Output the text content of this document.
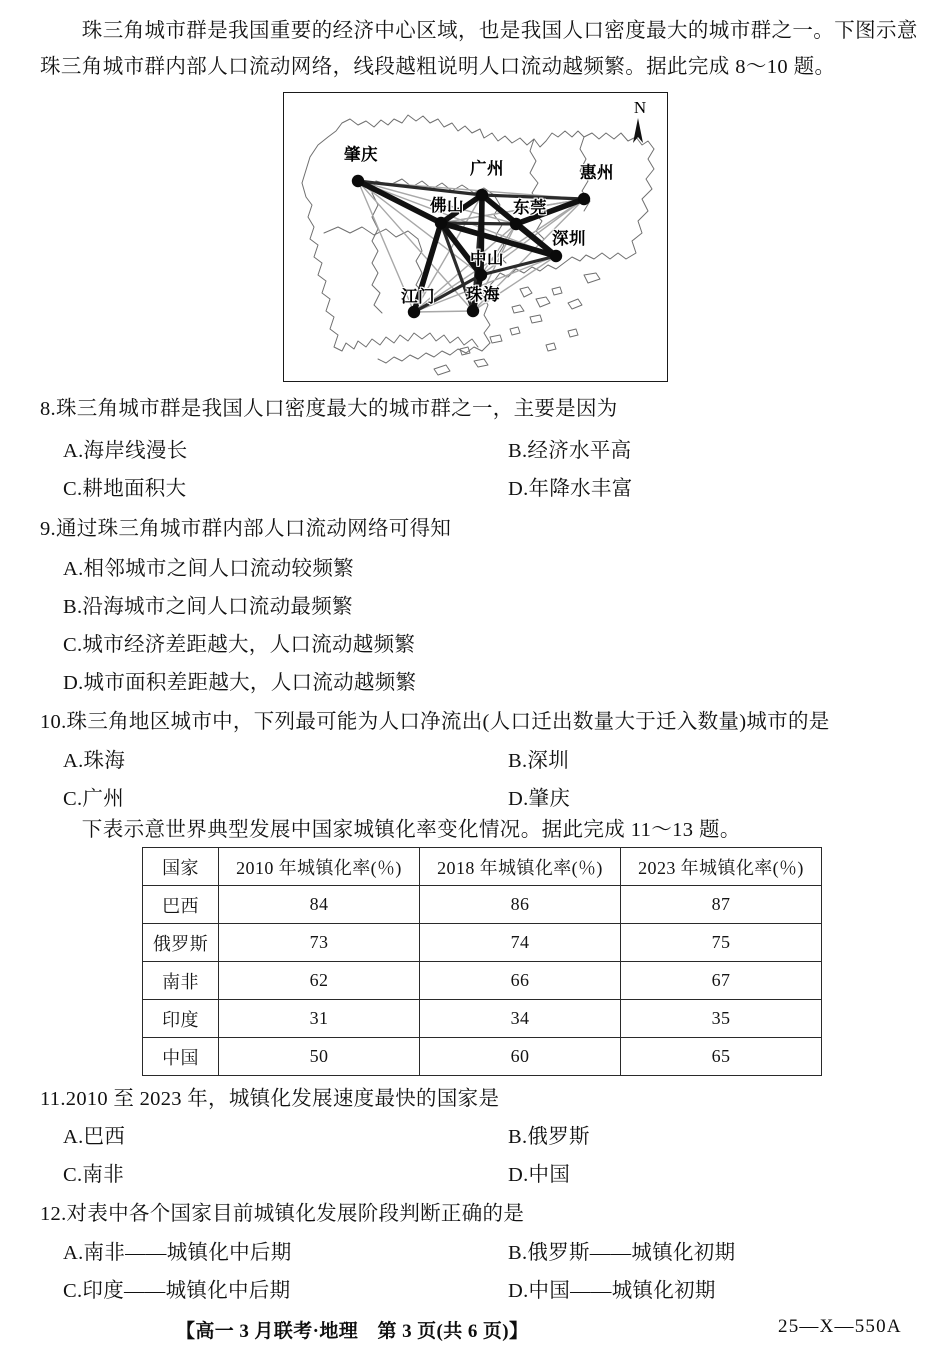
　　珠三角城市群是我国重要的经济中心区域，也是我国人口密度最大的城市群之一。下图示意
珠三角城市群内部人口流动网络，线段越粗说明人口流动越频繁。据此完成 8～10 题。
肇庆
广州	惠州
佛山	东莞
深圳
中山
江门 珠海
N
8.珠三角城市群是我国人口密度最大的城市群之一，主要是因为
A.海岸线漫长	B.经济水平高
C.耕地面积大	D.年降水丰富
9.通过珠三角城市群内部人口流动网络可得知
A.相邻城市之间人口流动较频繁
B.沿海城市之间人口流动最频繁
C.城市经济差距越大，人口流动越频繁
D.城市面积差距越大，人口流动越频繁
10.珠三角地区城市中，下列最可能为人口净流出(人口迁出数量大于迁入数量)城市的是
A.珠海	B.深圳
C.广州	D.肇庆
　　下表示意世界典型发展中国家城镇化率变化情况。据此完成 11～13 题。
国家	2010 年城镇化率(％)	2018 年城镇化率(％)	2023 年城镇化率(％)
巴西	84	86	87
俄罗斯	73	74	75
南非	62	66	67
印度	31	34	35
中国	50	60	65
11.2010 至 2023 年，城镇化发展速度最快的国家是
A.巴西	B.俄罗斯
C.南非	D.中国
12.对表中各个国家目前城镇化发展阶段判断正确的是
A.南非——城镇化中后期	B.俄罗斯——城镇化初期
C.印度——城镇化中后期	D.中国——城镇化初期
【高一 3 月联考·地理　第 3 页(共 6 页)】	25—X—550A
